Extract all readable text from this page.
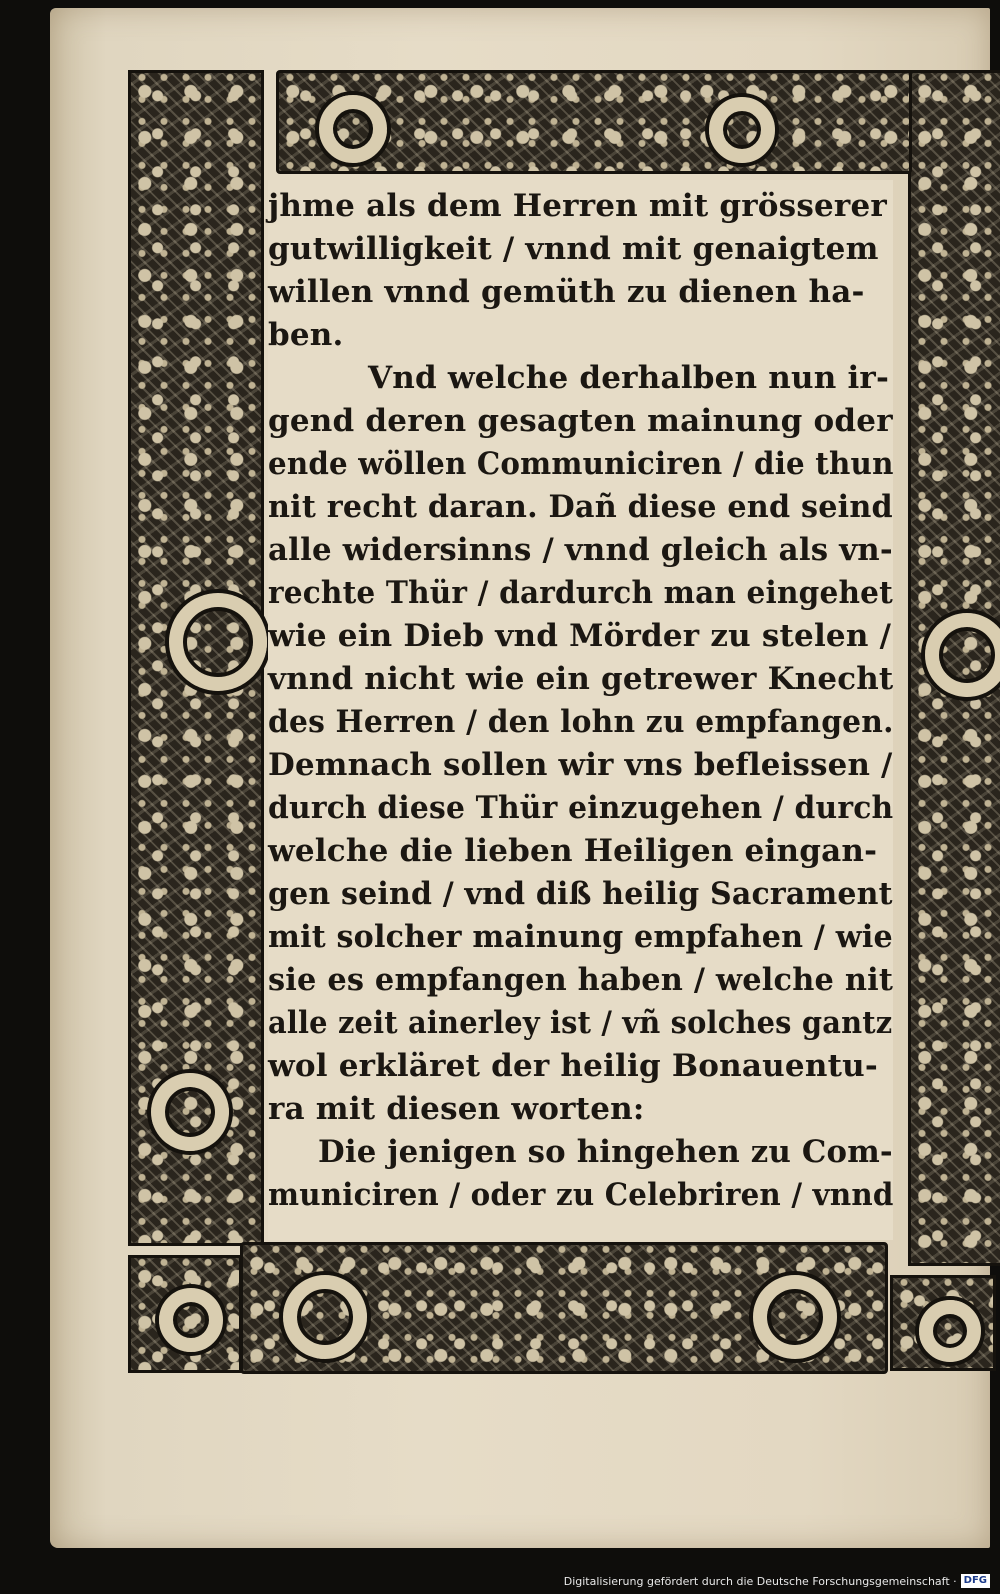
jhme als dem Herren mit grösserer
gutwilligkeit / vnnd mit genaigtem
willen vnnd gemüth zu dienen ha-
ben.
Vnd welche derhalben nun ir-
gend deren gesagten mainung oder
ende wöllen Communiciren / die thun
nit recht daran. Dañ diese end seind
alle widersinns / vnnd gleich als vn-
rechte Thür / dardurch man eingehet
wie ein Dieb vnd Mörder zu stelen /
vnnd nicht wie ein getrewer Knecht
des Herren / den lohn zu empfangen.
Demnach sollen wir vns befleissen /
durch diese Thür einzugehen / durch
welche die lieben Heiligen eingan-
gen seind / vnd diß heilig Sacrament
mit solcher mainung empfahen / wie
sie es empfangen haben / welche nit
alle zeit ainerley ist / vñ solches gantz
wol erkläret der heilig Bonauentu-
ra mit diesen worten:
Die jenigen so hingehen zu Com-
municiren / oder zu Celebriren / vnnd
Digitalisierung gefördert durch die Deutsche Forschungsgemeinschaft · DFG
